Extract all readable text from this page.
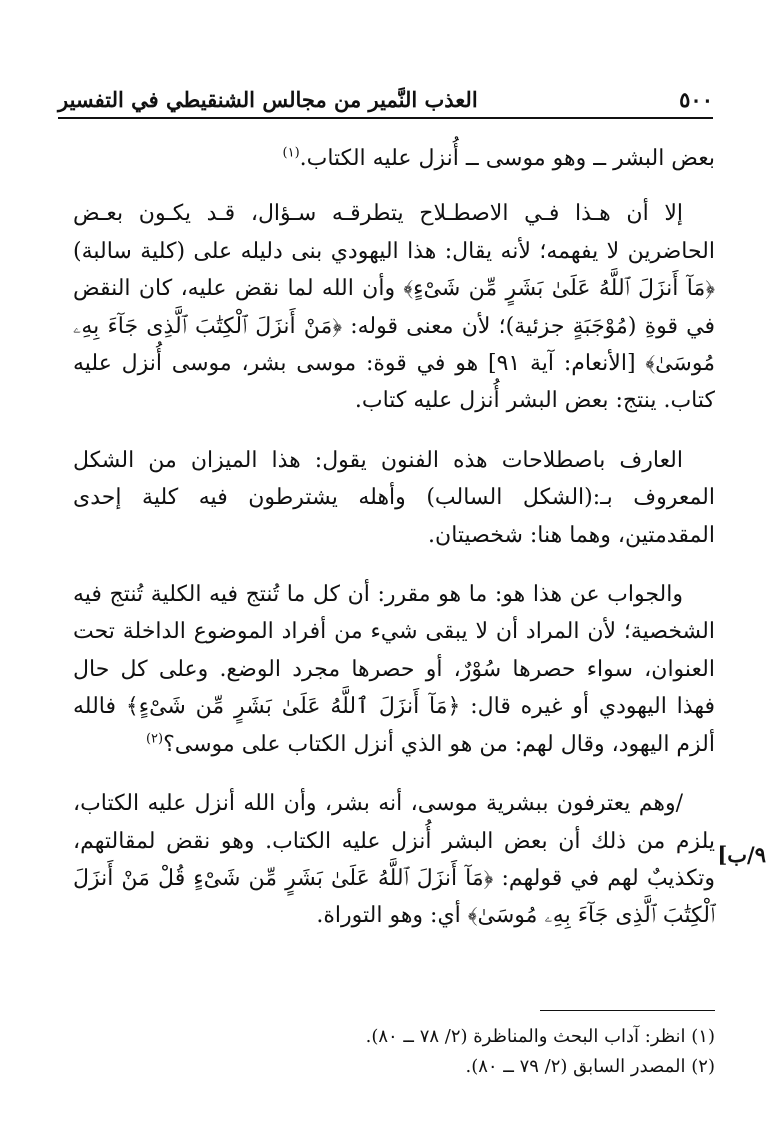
٥٠٠
العذب النَّمير من مجالس الشنقيطي في التفسير

بعض البشر ــ وهو موسى ــ أُنزل عليه الكتاب.$^{(١)}$

إلا أن هـذا فـي الاصطـلاح يتطرقـه سـؤال، قـد يكـون بعـض الحاضرين لا يفهمه؛ لأنه يقال: هذا اليهودي بنى دليله على (كلية سالبة) ﴿مَآ أَنزَلَ ٱللَّهُ عَلَىٰ بَشَرٍ مِّن شَىْءٍ﴾ وأن الله لما نقض عليه، كان النقض في قوةِ (مُوْجَبَةٍ جزئية)؛ لأن معنى قوله: ﴿مَنْ أَنزَلَ ٱلْكِتَٰبَ ٱلَّذِى جَآءَ بِهِۦ مُوسَىٰ﴾ [الأنعام: آية ٩١] هو في قوة: موسى بشر، موسى أُنزل عليه كتاب. ينتج: بعض البشر أُنزل عليه كتاب.

العارف باصطلاحات هذه الفنون يقول: هذا الميزان من الشكل المعروف بـ:(الشكل السالب) وأهله يشترطون فيه كلية إحدى المقدمتين، وهما هنا: شخصيتان.

والجواب عن هذا هو: ما هو مقرر: أن كل ما تُنتج فيه الكلية تُنتج فيه الشخصية؛ لأن المراد أن لا يبقى شيء من أفراد الموضوع الداخلة تحت العنوان، سواء حصرها سُوْرٌ، أو حصرها مجرد الوضع. وعلى كل حال فهذا اليهودي أو غيره قال: ﴿مَآ أَنزَلَ ٱللَّهُ عَلَىٰ بَشَرٍ مِّن شَىْءٍ﴾ فالله ألزم اليهود، وقال لهم: من هو الذي أنزل الكتاب على موسى؟$^{(٢)}$

/وهم يعترفون ببشرية موسى، أنه بشر، وأن الله أنزل عليه الكتاب، يلزم من ذلك أن بعض البشر أُنزل عليه الكتاب. وهو نقض لمقالتهم، وتكذيبٌ لهم في قولهم: ﴿مَآ أَنزَلَ ٱللَّهُ عَلَىٰ بَشَرٍ مِّن شَىْءٍ قُلْ مَنْ أَنزَلَ ٱلْكِتَٰبَ ٱلَّذِى جَآءَ بِهِۦ مُوسَىٰ﴾ أي: وهو التوراة.

٩/ب]
(١) انظر: آداب البحث والمناظرة (٢/ ٧٨ ــ ٨٠).
(٢) المصدر السابق (٢/ ٧٩ ــ ٨٠).
